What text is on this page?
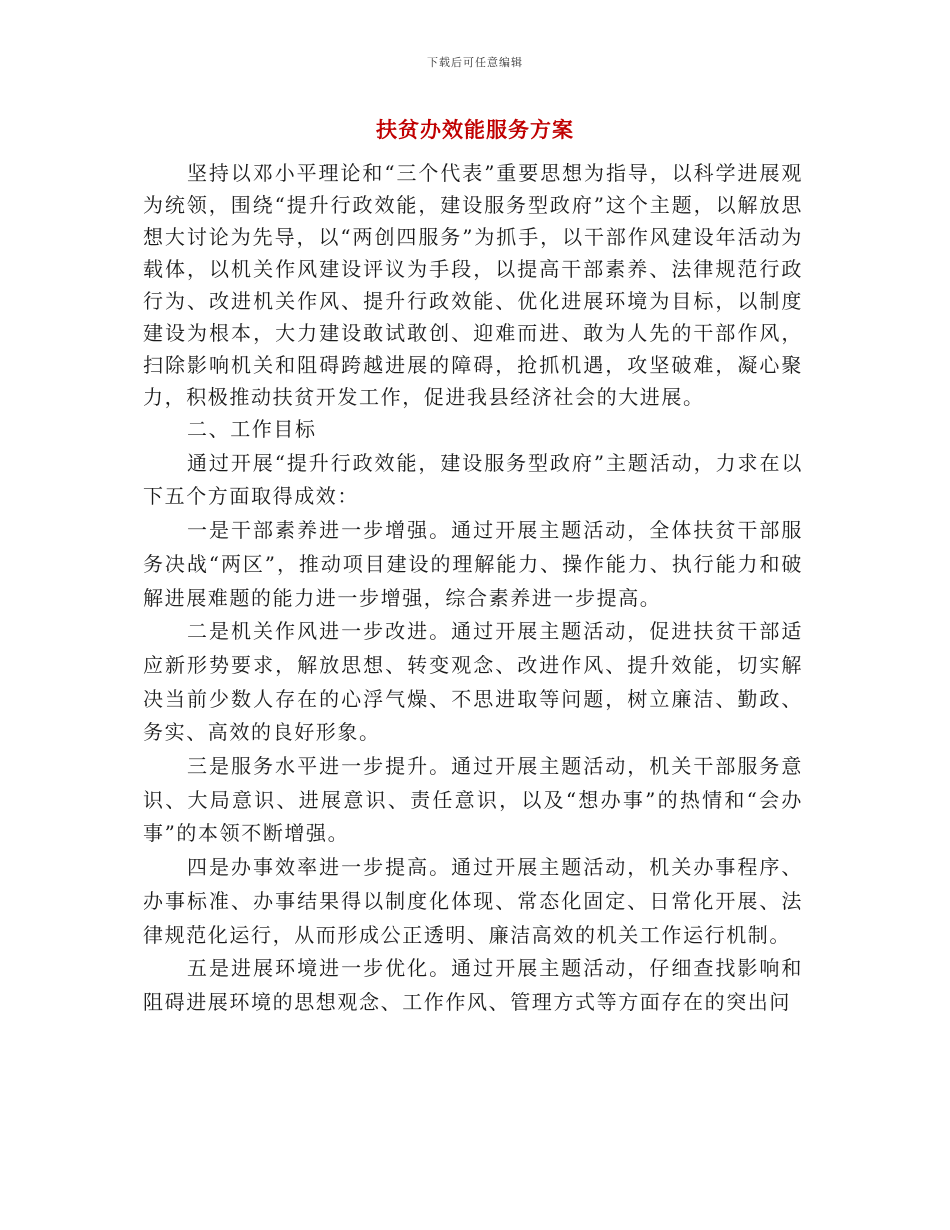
下载后可任意编辑
扶贫办效能服务方案

坚持以邓小平理论和“三个代表”重要思想为指导，以科学进展观为统领，围绕“提升行政效能，建设服务型政府”这个主题，以解放思想大讨论为先导，以“两创四服务”为抓手，以干部作风建设年活动为载体，以机关作风建设评议为手段，以提高干部素养、法律规范行政行为、改进机关作风、提升行政效能、优化进展环境为目标，以制度建设为根本，大力建设敢试敢创、迎难而进、敢为人先的干部作风，扫除影响机关和阻碍跨越进展的障碍，抢抓机遇，攻坚破难，凝心聚力，积极推动扶贫开发工作，促进我县经济社会的大进展。

二、工作目标

通过开展“提升行政效能，建设服务型政府”主题活动，力求在以下五个方面取得成效：

一是干部素养进一步增强。通过开展主题活动，全体扶贫干部服务决战“两区”，推动项目建设的理解能力、操作能力、执行能力和破解进展难题的能力进一步增强，综合素养进一步提高。

二是机关作风进一步改进。通过开展主题活动，促进扶贫干部适应新形势要求，解放思想、转变观念、改进作风、提升效能，切实解决当前少数人存在的心浮气燥、不思进取等问题，树立廉洁、勤政、务实、高效的良好形象。

三是服务水平进一步提升。通过开展主题活动，机关干部服务意识、大局意识、进展意识、责任意识，以及“想办事”的热情和“会办事”的本领不断增强。

四是办事效率进一步提高。通过开展主题活动，机关办事程序、办事标准、办事结果得以制度化体现、常态化固定、日常化开展、法律规范化运行，从而形成公正透明、廉洁高效的机关工作运行机制。

五是进展环境进一步优化。通过开展主题活动，仔细查找影响和阻碍进展环境的思想观念、工作作风、管理方式等方面存在的突出问
